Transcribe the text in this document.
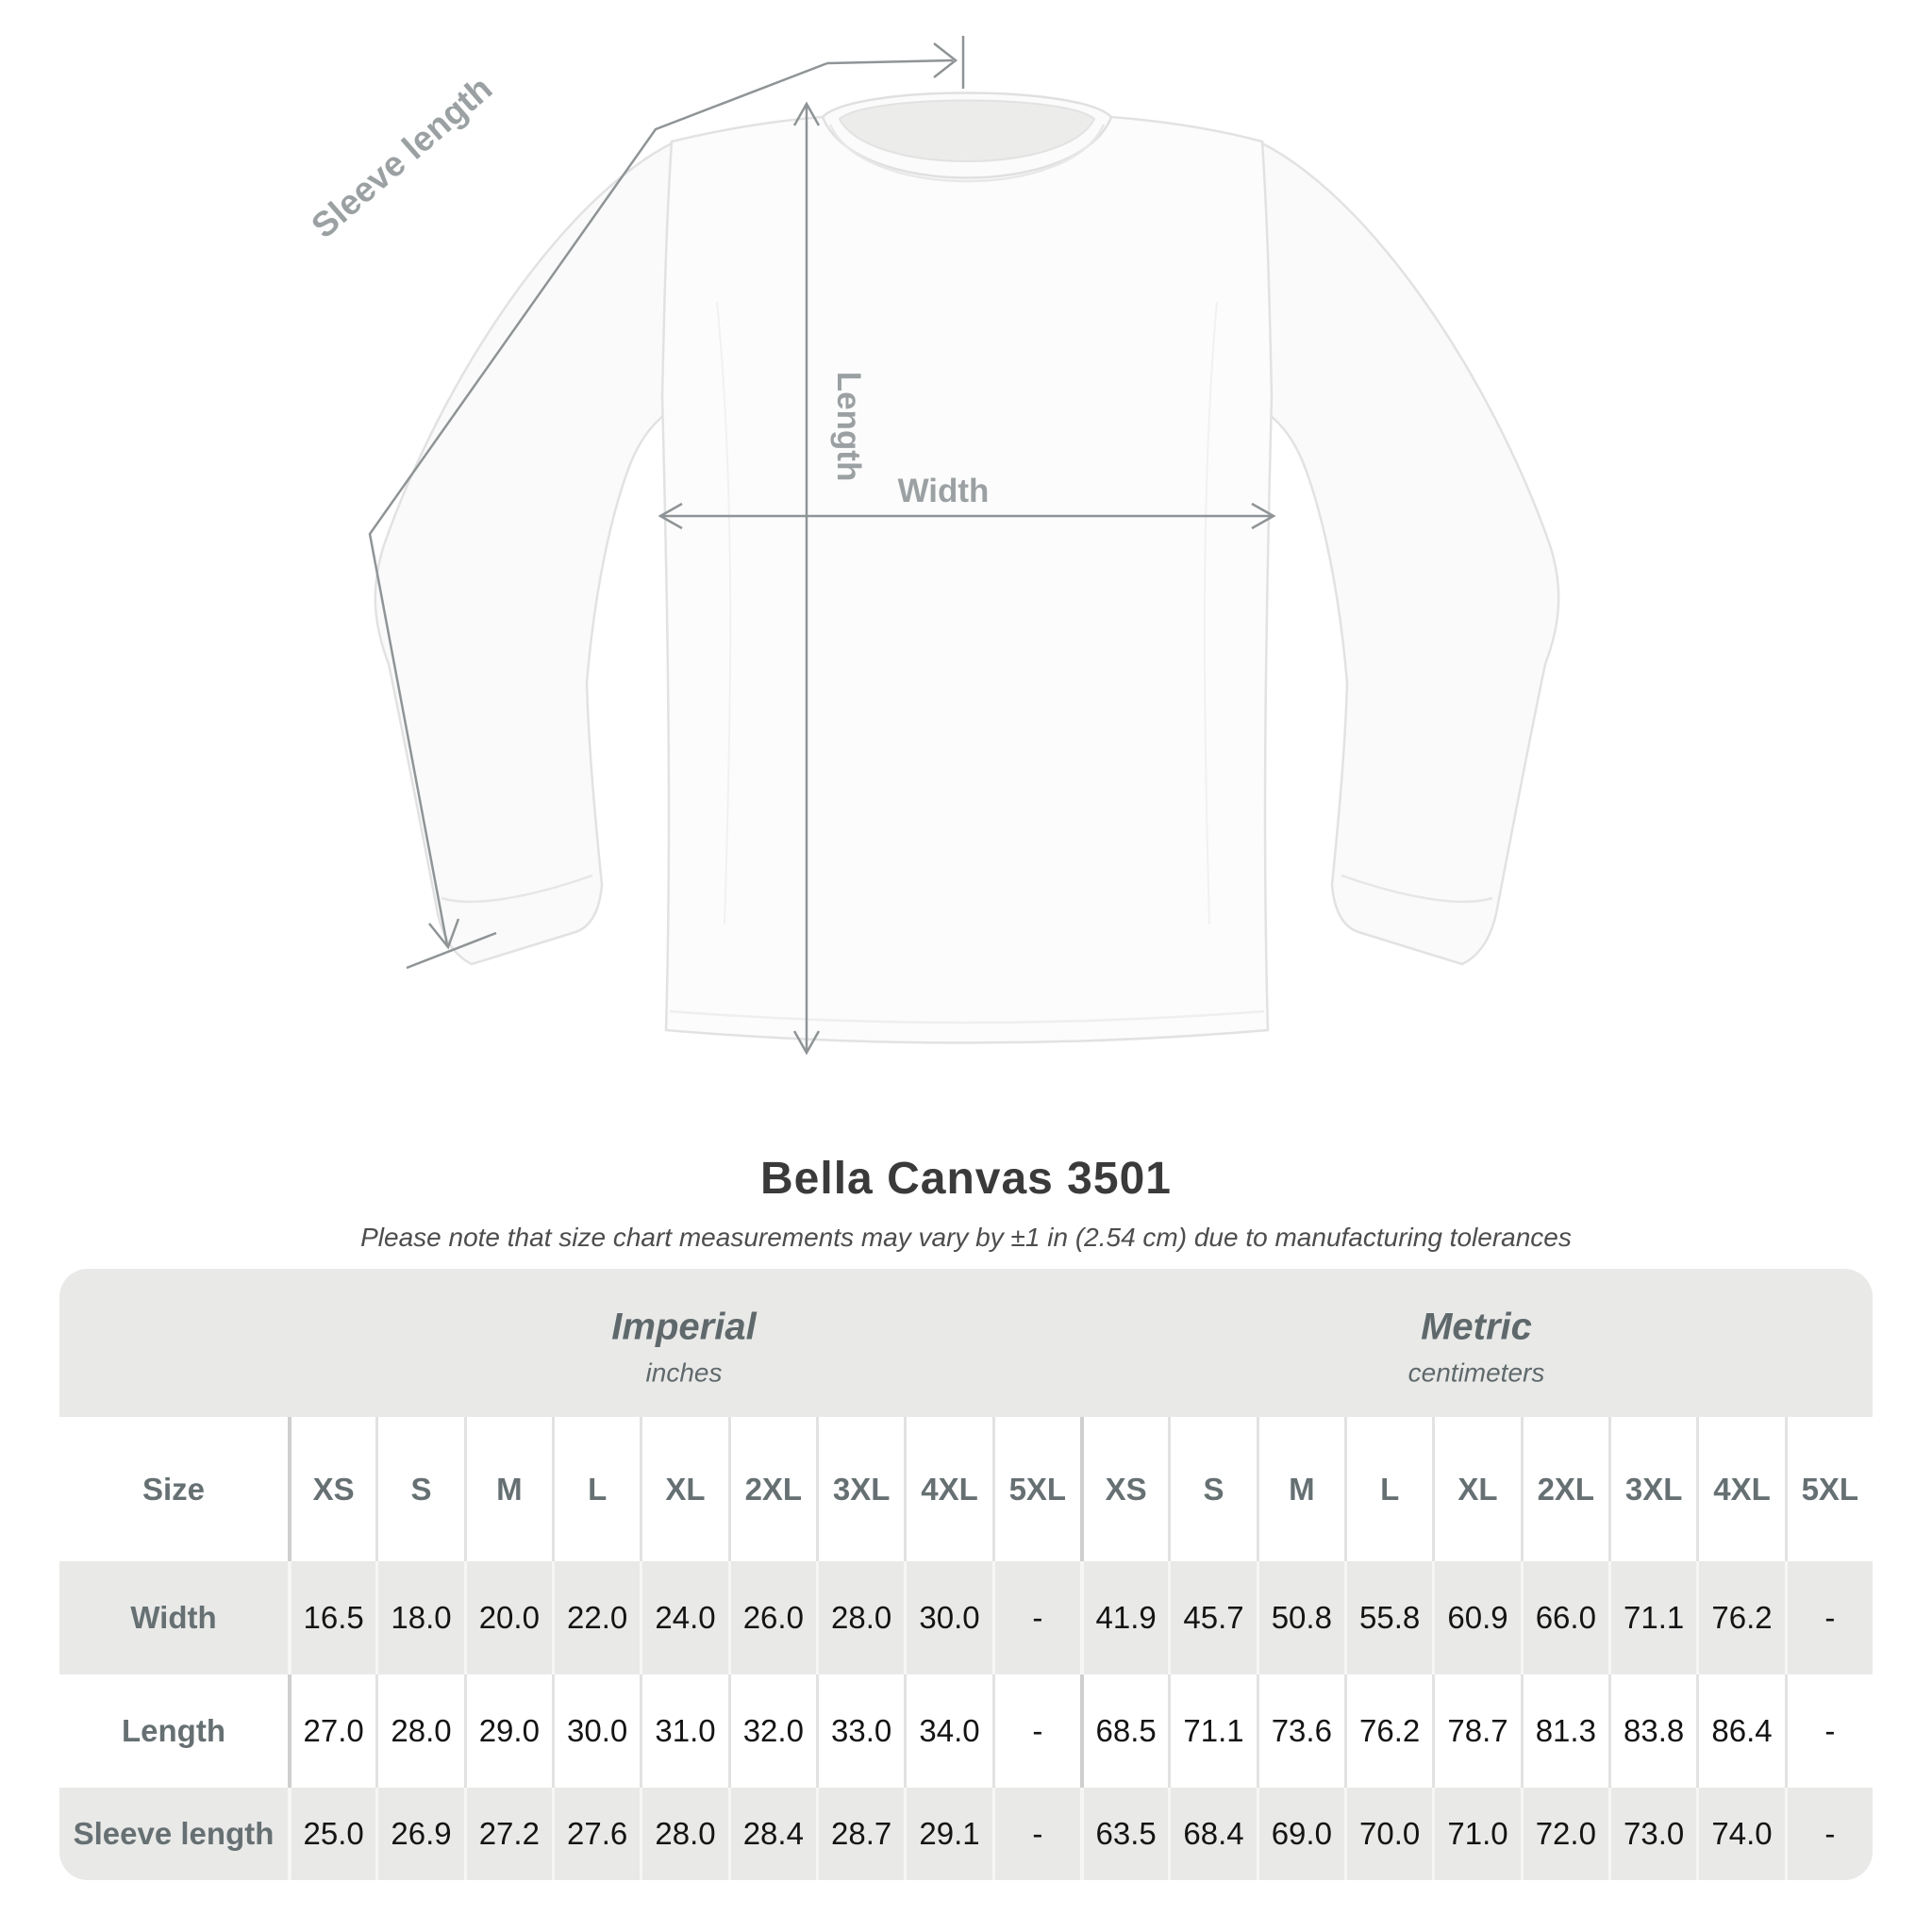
Sleeve length
Length
Width
Bella Canvas 3501
Please note that size chart measurements may vary by ±1 in (2.54 cm) due to manufacturing tolerances
Imperial
inches
Metric
centimeters
Size	XS	S	M	L	XL	2XL 3XL 4XL 5XL	XS	S	M	L	XL	2XL 3XL 4XL 5XL
Width	16.5 18.0 20.0 22.0 24.0 26.0 28.0 30.0	-	41.9 45.7 50.8 55.8 60.9 66.0 71.1 76.2	-
Length	27.0 28.0 29.0 30.0 31.0 32.0 33.0 34.0	-	68.5 71.1 73.6 76.2 78.7 81.3 83.8 86.4	-
Sleeve length 25.0 26.9 27.2 27.6 28.0 28.4 28.7 29.1	-	63.5 68.4 69.0 70.0 71.0 72.0 73.0 74.0	-
